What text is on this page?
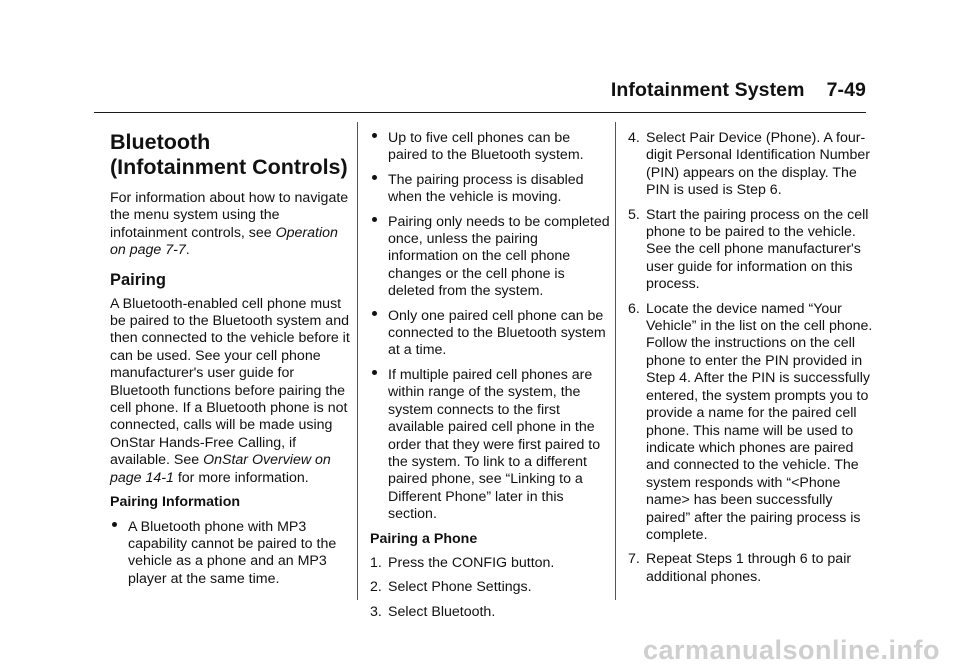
Infotainment System 7-49
Bluetooth
(Infotainment Controls)

For information about how to navigate the menu system using the infotainment controls, see Operation on page 7-7.

Pairing

A Bluetooth-enabled cell phone must be paired to the Bluetooth system and then connected to the vehicle before it can be used. See your cell phone manufacturer's user guide for Bluetooth functions before pairing the cell phone. If a Bluetooth phone is not connected, calls will be made using OnStar Hands-Free Calling, if available. See OnStar Overview on page 14-1 for more information.

Pairing Information

A Bluetooth phone with MP3 capability cannot be paired to the vehicle as a phone and an MP3 player at the same time.
Up to five cell phones can be paired to the Bluetooth system.
The pairing process is disabled when the vehicle is moving.
Pairing only needs to be completed once, unless the pairing information on the cell phone changes or the cell phone is deleted from the system.
Only one paired cell phone can be connected to the Bluetooth system at a time.
If multiple paired cell phones are within range of the system, the system connects to the first available paired cell phone in the order that they were first paired to the system. To link to a different paired phone, see “Linking to a Different Phone” later in this section.

Pairing a Phone

1. Press the CONFIG button.
2. Select Phone Settings.
3. Select Bluetooth.
4. Select Pair Device (Phone). A four-digit Personal Identification Number (PIN) appears on the display. The PIN is used is Step 6.
5. Start the pairing process on the cell phone to be paired to the vehicle. See the cell phone manufacturer's user guide for information on this process.
6. Locate the device named “Your Vehicle” in the list on the cell phone. Follow the instructions on the cell phone to enter the PIN provided in Step 4. After the PIN is successfully entered, the system prompts you to provide a name for the paired cell phone. This name will be used to indicate which phones are paired and connected to the vehicle. The system responds with “<Phone name> has been successfully paired” after the pairing process is complete.
7. Repeat Steps 1 through 6 to pair additional phones.
carmanualsonline.info
